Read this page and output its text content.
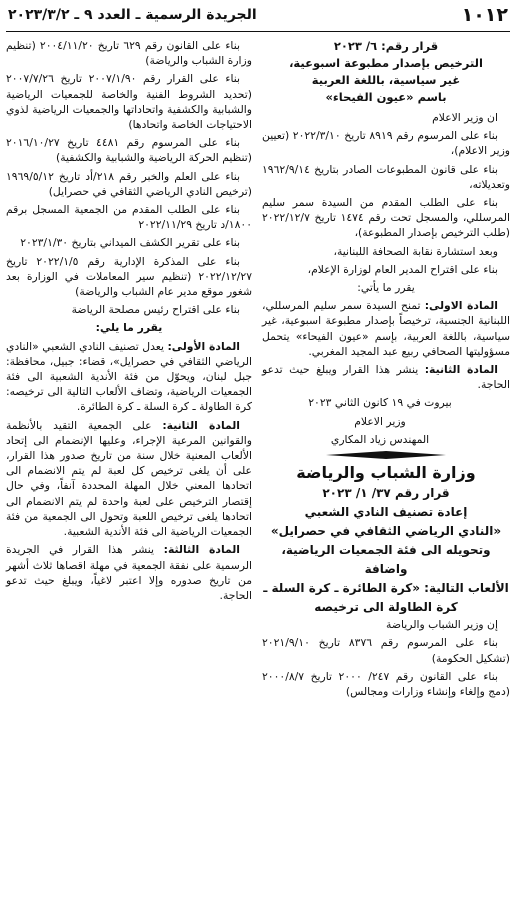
١٠١٢
الجريدة الرسمية ـ العدد ٩ ـ ٢٠٢٣/٣/٢
قرار رقم: ٦/ ٢٠٢٣
الترخيص بإصدار مطبوعة اسبوعية،
غير سياسية، باللغة العربية
باسم «عيون الفيحاء»

ان وزير الاعلام

بناء على المرسوم رقم ٨٩١٩ تاريخ ٢٠٢٢/٣/١٠ (تعيين وزير الاعلام)،

بناء على قانون المطبوعات الصادر بتاريخ ١٩٦٢/٩/١٤ وتعديلاته،

بناء على الطلب المقدم من السيدة سمر سليم المرسللي، والمسجل تحت رقم ١٤٧٤ تاريخ ٢٠٢٢/١٢/٧ (طلب الترخيص بإصدار المطبوعة)،

وبعد استشارة نقابة الصحافة اللبنانية،

بناء على اقتراح المدير العام لوزارة الإعلام،

يقرر ما يأتي:

المادة الاولى: تمنح السيدة سمر سليم المرسللي، اللبنانية الجنسية، ترخيصاً بإصدار مطبوعة اسبوعية، غير سياسية، باللغة العربية، بإسم «عيون الفيحاء» يتحمل مسؤوليتها الصحافي ربيع عبد المجيد المغربي.

المادة الثانية: ينشر هذا القرار ويبلغ حيث تدعو الحاجة.

بيروت في ١٩ كانون الثاني ٢٠٢٣

وزير الاعلام

المهندس زياد المكاري

وزارة الشباب والرياضة
قرار رقم ٣٧/ ١/ ٢٠٢٣
إعادة تصنيف النادي الشعبي
«النادي الرياضي الثقافي في حصرايل»
وتحويله الى فئة الجمعيات الرياضية، واضافة
الألعاب التالية: «كرة الطائرة ـ كرة السلة ـ
كرة الطاولة الى ترخيصه

إن وزير الشباب والرياضة

بناء على المرسوم رقم ٨٣٧٦ تاريخ ٢٠٢١/٩/١٠ (تشكيل الحكومة)

بناء على القانون رقم ٢٤٧/ ٢٠٠٠ تاريخ ٢٠٠٠/٨/٧ (دمج وإلغاء وإنشاء وزارات ومجالس)

بناء على القانون رقم ٦٢٩ تاريخ ٢٠٠٤/١١/٢٠ (تنظيم وزارة الشباب والرياضة)

بناء على القرار رقم ٢٠٠٧/١/٩٠ تاريخ ٢٠٠٧/٧/٢٦ (تحديد الشروط الفنية والخاصة للجمعيات الرياضية والشبابية والكشفية واتحاداتها والجمعيات الرياضية لذوي الاحتياجات الخاصة واتحادها)

بناء على المرسوم رقم ٤٤٨١ تاريخ ٢٠١٦/١٠/٢٧ (تنظيم الحركة الرياضية والشبابية والكشفية)

بناء على العلم والخبر رقم ٢١٨/أد تاريخ ١٩٦٩/٥/١٢ (ترخيص النادي الرياضي الثقافي في حصرايل)

بناء على الطلب المقدم من الجمعية المسجل برقم ١٨٠٠/د تاريخ ٢٠٢٢/١١/٢٩

بناء على تقرير الكشف الميداني بتاريخ ٢٠٢٣/١/٣٠

بناء على المذكرة الإدارية رقم ٢٠٢٢/١/٥ تاريخ ٢٠٢٢/١٢/٢٧ (تنظيم سير المعاملات في الوزارة بعد شغور موقع مدير عام الشباب والرياضة)

بناء على اقتراح رئيس مصلحة الرياضة

يقرر ما يلي:

المادة الأولى: يعدل تصنيف النادي الشعبي «النادي الرياضي الثقافي في حصرايل»، قضاء: جبيل، محافظة: جبل لبنان، ويحوّل من فئة الأندية الشعبية الى فئة الجمعيات الرياضية، وتضاف الألعاب التالية الى ترخيصه: كرة الطاولة ـ كرة السلة ـ كرة الطائرة.

المادة الثانية: على الجمعية التقيد بالأنظمة والقوانين المرعية الإجراء، وعليها الإنضمام الى إتحاد الألعاب المعنية خلال سنة من تاريخ صدور هذا القرار، على أن يلغى ترخيص كل لعبة لم يتم الانضمام الى اتحادها المعني خلال المهلة المحددة آنفاً، وفي حال إقتصار الترخيص على لعبة واحدة لم يتم الانضمام الى اتحادها يلغى ترخيص اللعبة وتحول الى الجمعية من فئة الجمعيات الرياضية الى فئة الأندية الشعبية.

المادة الثالثة: ينشر هذا القرار في الجريدة الرسمية على نفقة الجمعية في مهلة اقصاها ثلاث أشهر من تاريخ صدوره وإلا اعتبر لاغياً، ويبلغ حيث تدعو الحاجة.
